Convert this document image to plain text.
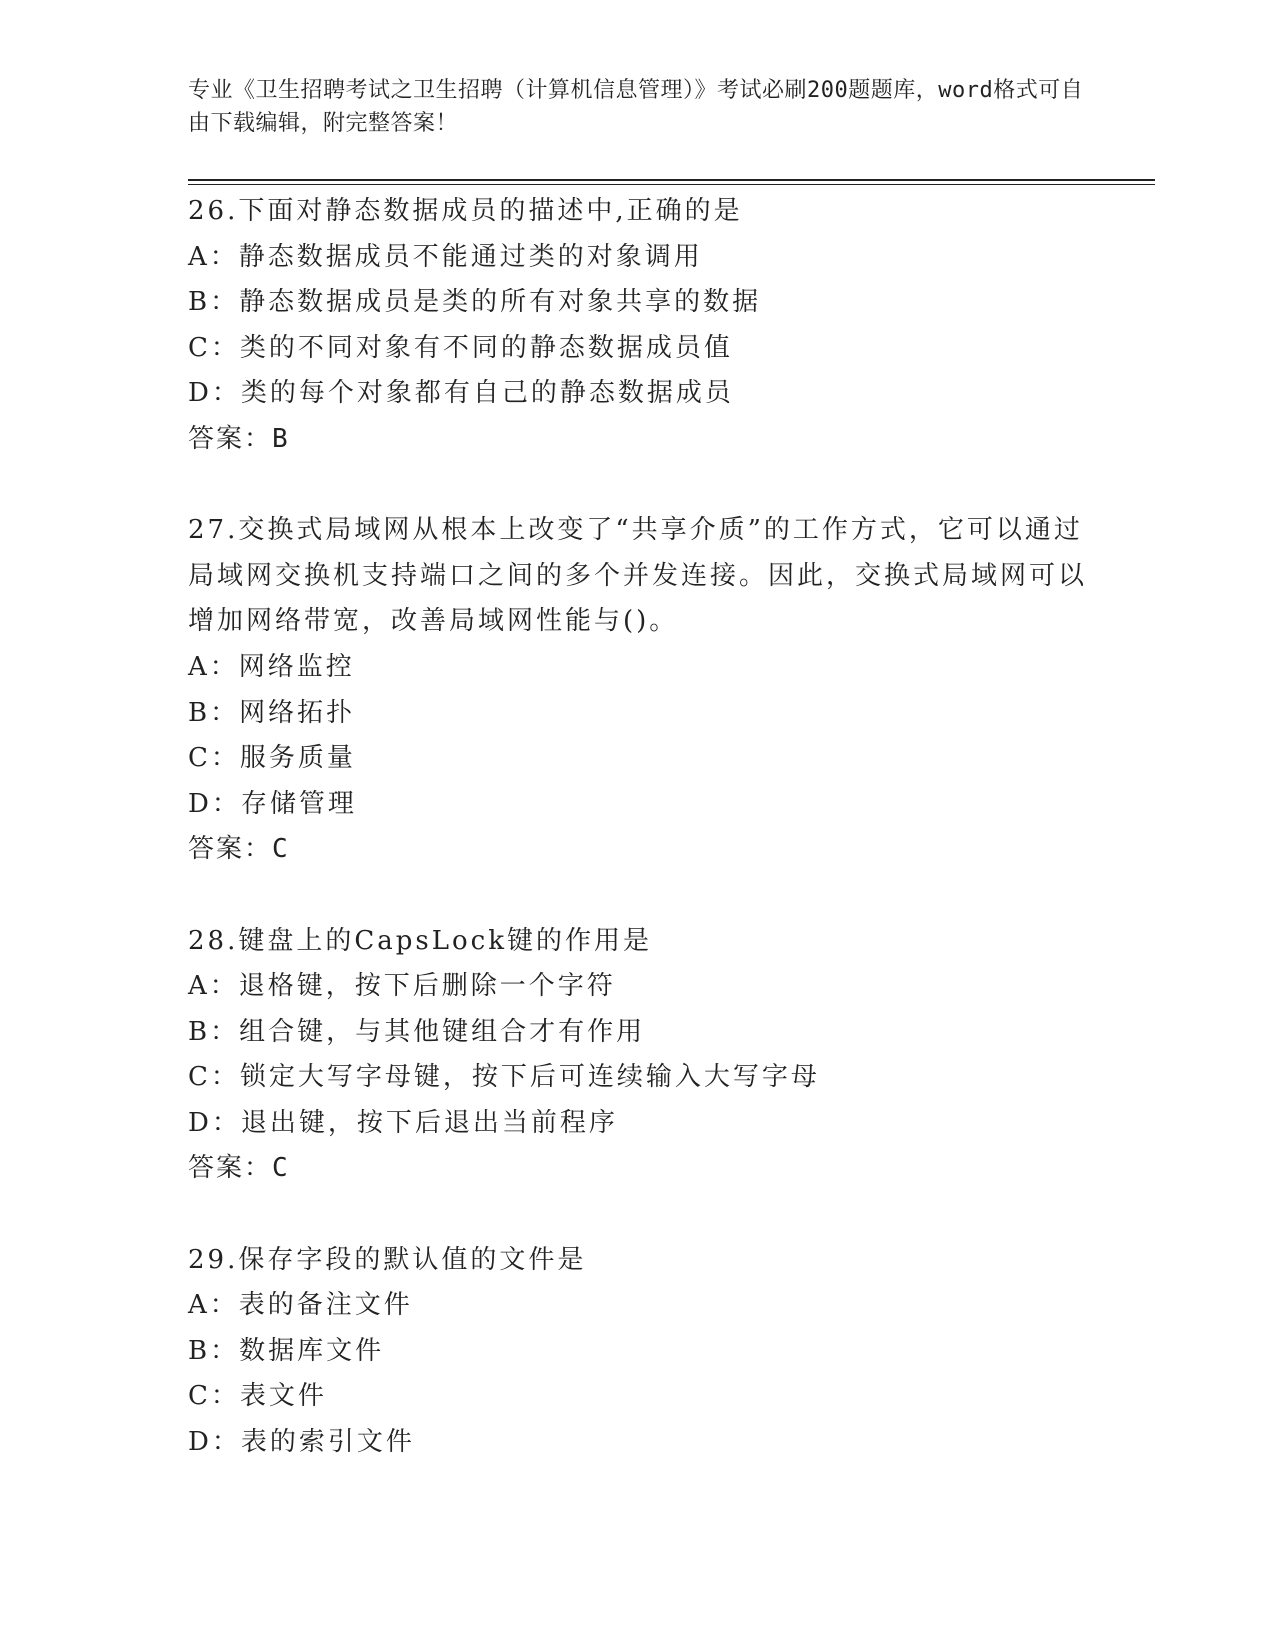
专业《卫生招聘考试之卫生招聘（计算机信息管理）》考试必刷200题题库，word格式可自由下载编辑，附完整答案！
26.下面对静态数据成员的描述中,正确的是
A：静态数据成员不能通过类的对象调用
B：静态数据成员是类的所有对象共享的数据
C：类的不同对象有不同的静态数据成员值
D：类的每个对象都有自己的静态数据成员
答案：B
27.交换式局域网从根本上改变了“共享介质”的工作方式，它可以通过局域网交换机支持端口之间的多个并发连接。因此，交换式局域网可以增加网络带宽，改善局域网性能与()。
A：网络监控
B：网络拓扑
C：服务质量
D：存储管理
答案：C
28.键盘上的CapsLock键的作用是
A：退格键，按下后删除一个字符
B：组合键，与其他键组合才有作用
C：锁定大写字母键，按下后可连续输入大写字母
D：退出键，按下后退出当前程序
答案：C
29.保存字段的默认值的文件是
A：表的备注文件
B：数据库文件
C：表文件
D：表的索引文件
